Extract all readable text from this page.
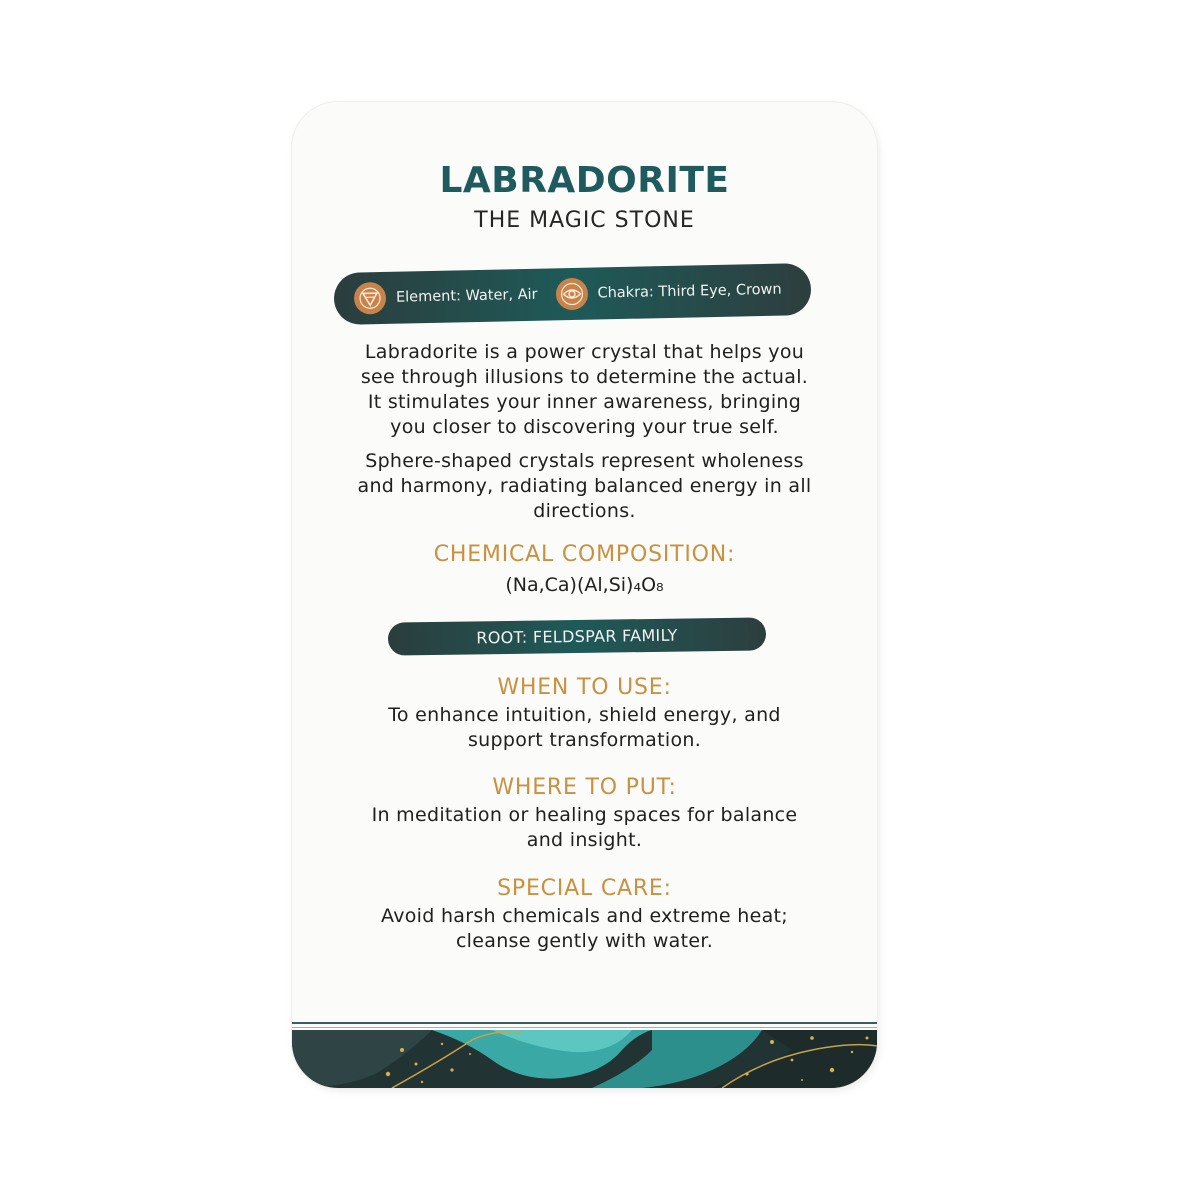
LABRADORITE
THE MAGIC STONE
Element: Water, Air	Chakra: Third Eye, Crown
Labradorite is a power crystal that helps you
see through illusions to determine the actual.
It stimulates your inner awareness, bringing
you closer to discovering your true self.
Sphere-shaped crystals represent wholeness
and harmony, radiating balanced energy in all
directions.
CHEMICAL COMPOSITION:
(Na,Ca)(Al,Si)₄O₈
ROOT: FELDSPAR FAMILY
WHEN TO USE:
To enhance intuition, shield energy, and
support transformation.
WHERE TO PUT:
In meditation or healing spaces for balance
and insight.
SPECIAL CARE:
Avoid harsh chemicals and extreme heat;
cleanse gently with water.
